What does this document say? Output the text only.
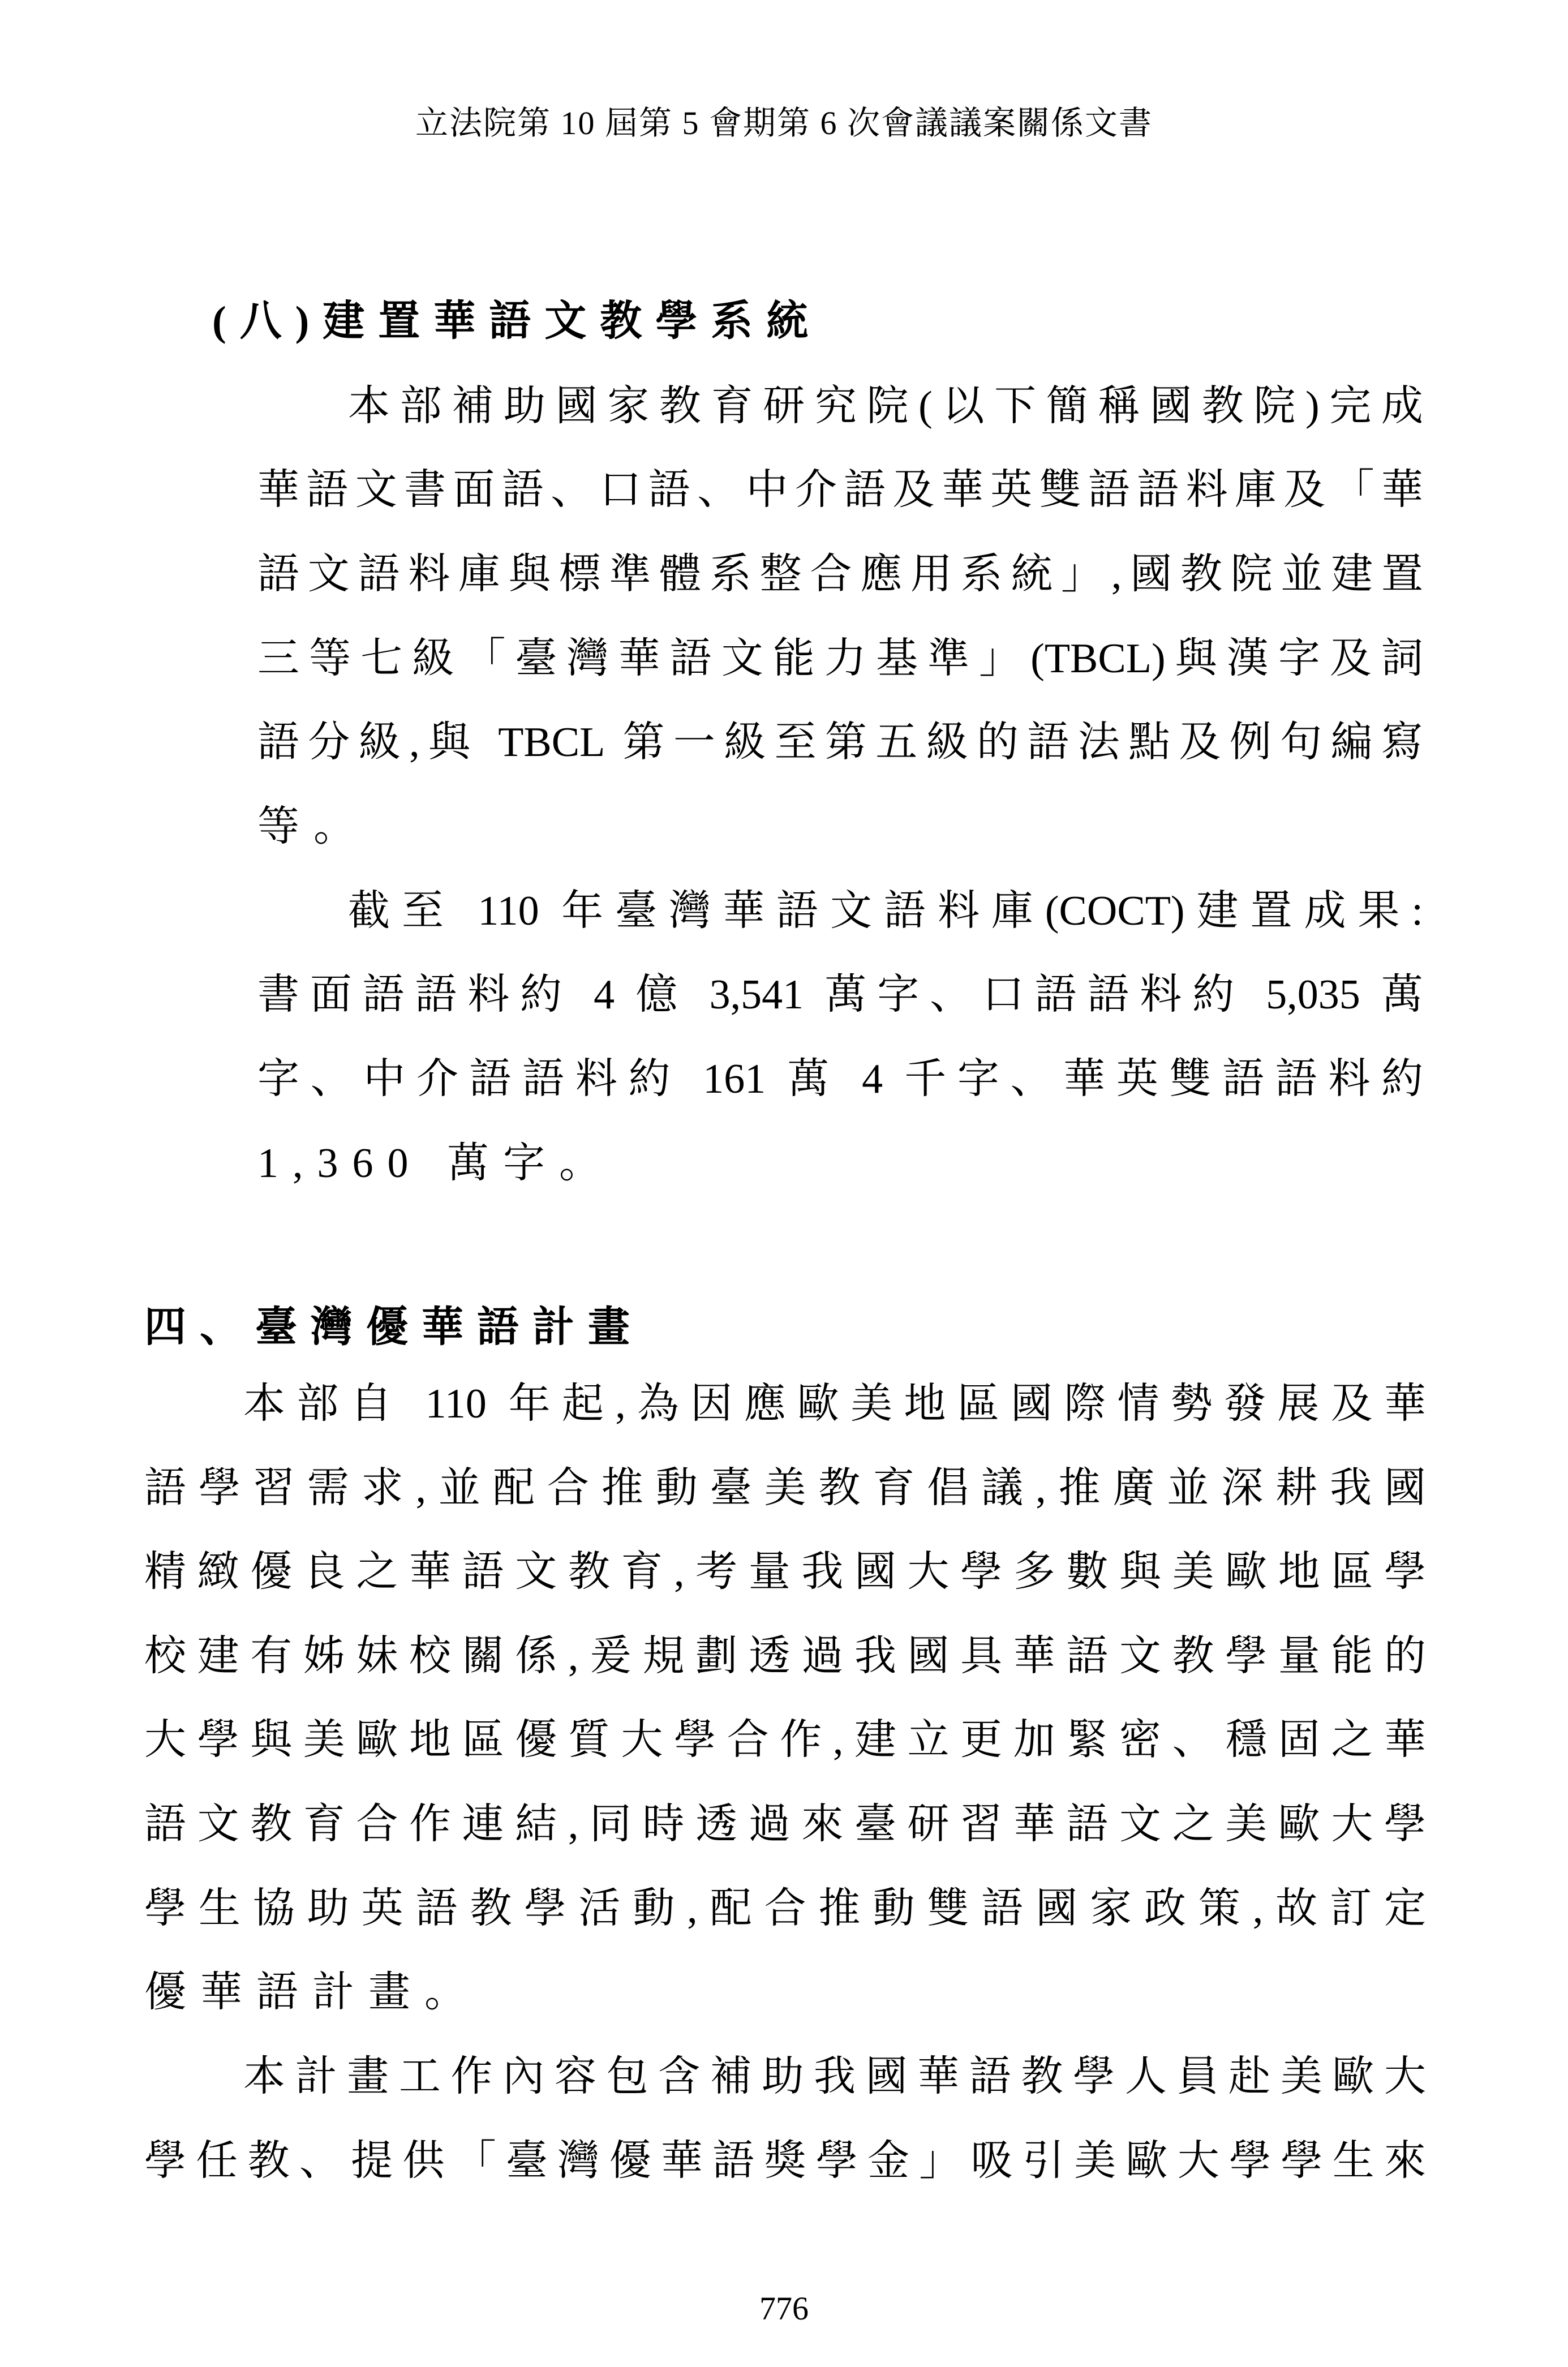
立法院第 10 屆第 5 會期第 6 次會議議案關係文書
(八)建置華語文教學系統
本部補助國家教育研究院(以下簡稱國教院)完成
華語文書面語、口語、中介語及華英雙語語料庫及「華
語文語料庫與標準體系整合應用系統」,國教院並建置
三等七級「臺灣華語文能力基準」(TBCL)與漢字及詞
語分級,與 TBCL 第一級至第五級的語法點及例句編寫
等。
截至 110 年臺灣華語文語料庫(COCT)建置成果:
書面語語料約 4 億 3,541 萬字、口語語料約 5,035 萬
字、中介語語料約 161 萬 4 千字、華英雙語語料約
1,360 萬字。
四、臺灣優華語計畫
本部自 110 年起,為因應歐美地區國際情勢發展及華
語學習需求,並配合推動臺美教育倡議,推廣並深耕我國
精緻優良之華語文教育,考量我國大學多數與美歐地區學
校建有姊妹校關係,爰規劃透過我國具華語文教學量能的
大學與美歐地區優質大學合作,建立更加緊密、穩固之華
語文教育合作連結,同時透過來臺研習華語文之美歐大學
學生協助英語教學活動,配合推動雙語國家政策,故訂定
優華語計畫。
本計畫工作內容包含補助我國華語教學人員赴美歐大
學任教、提供「臺灣優華語獎學金」吸引美歐大學學生來
776
